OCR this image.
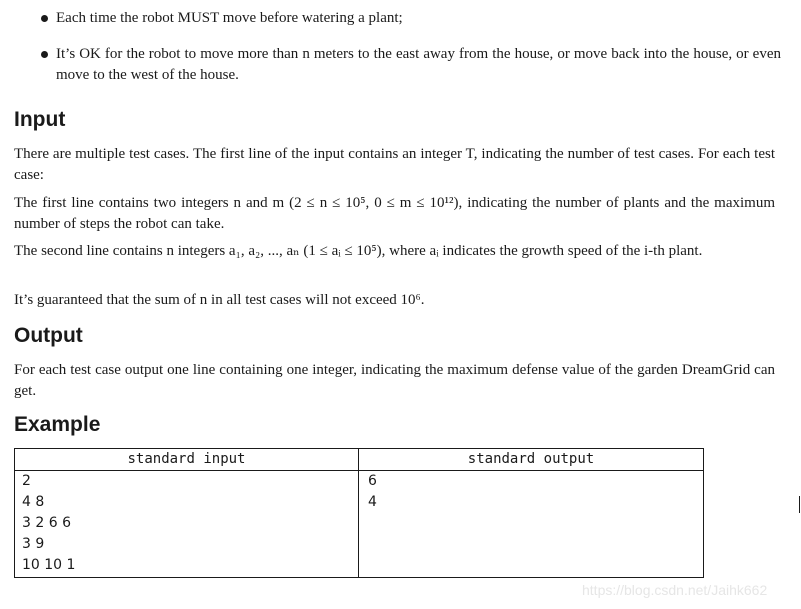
Each time the robot MUST move before watering a plant;
It’s OK for the robot to move more than n meters to the east away from the house, or move back into the house, or even move to the west of the house.
Input
There are multiple test cases. The first line of the input contains an integer T, indicating the number of test cases. For each test case:
The first line contains two integers n and m (2 ≤ n ≤ 10⁵, 0 ≤ m ≤ 10¹²), indicating the number of plants and the maximum number of steps the robot can take.
The second line contains n integers a₁, a₂, ..., aₙ (1 ≤ aᵢ ≤ 10⁵), where aᵢ indicates the growth speed of the i-th plant.
It’s guaranteed that the sum of n in all test cases will not exceed 10⁶.
Output
For each test case output one line containing one integer, indicating the maximum defense value of the garden DreamGrid can get.
Example
standard input	standard output
2
4 8
3 2 6 6
3 9
10 10 1
6
4
https://blog.csdn.net/Jaihk662
